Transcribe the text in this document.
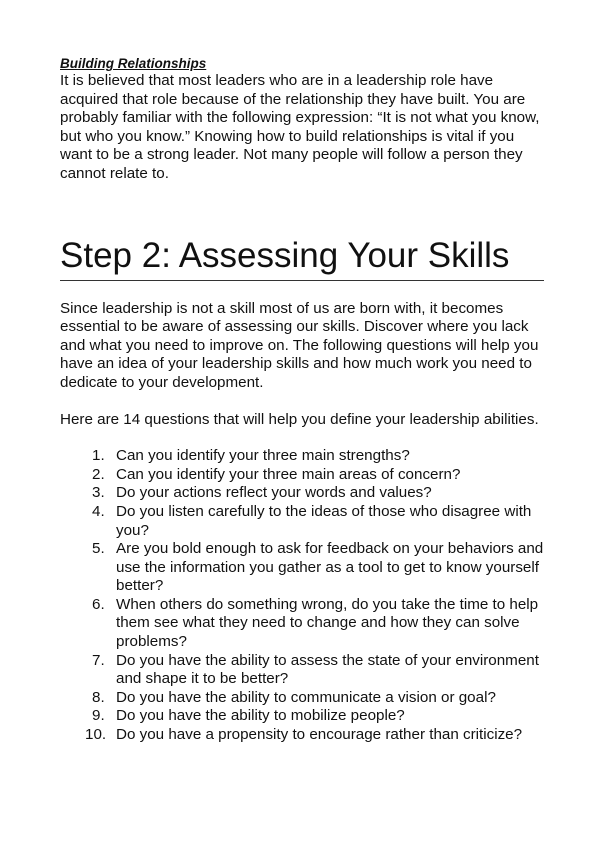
Building Relationships

It is believed that most leaders who are in a leadership role have acquired that role because of the relationship they have built. You are probably familiar with the following expression: “It is not what you know, but who you know.” Knowing how to build relationships is vital if you want to be a strong leader. Not many people will follow a person they cannot relate to.

Step 2: Assessing Your Skills

Since leadership is not a skill most of us are born with, it becomes essential to be aware of assessing our skills. Discover where you lack and what you need to improve on. The following questions will help you have an idea of your leadership skills and how much work you need to dedicate to your development.

Here are 14 questions that will help you define your leadership abilities.

1. Can you identify your three main strengths?
2. Can you identify your three main areas of concern?
3. Do your actions reflect your words and values?
4. Do you listen carefully to the ideas of those who disagree with you?
5. Are you bold enough to ask for feedback on your behaviors and use the information you gather as a tool to get to know yourself better?
6. When others do something wrong, do you take the time to help them see what they need to change and how they can solve problems?
7. Do you have the ability to assess the state of your environment and shape it to be better?
8. Do you have the ability to communicate a vision or goal?
9. Do you have the ability to mobilize people?
10. Do you have a propensity to encourage rather than criticize?
